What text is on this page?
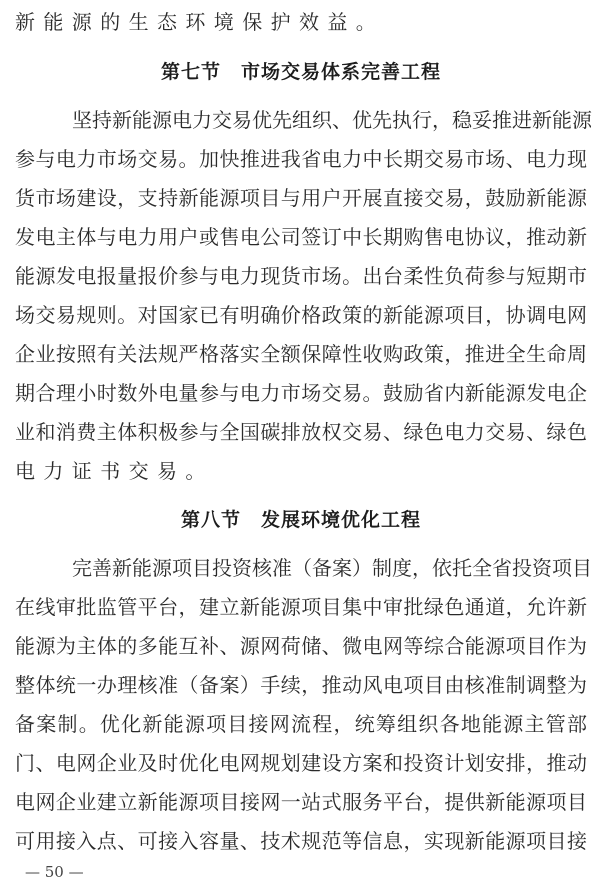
新能源的生态环境保护效益。
第七节　市场交易体系完善工程
坚持新能源电力交易优先组织、优先执行，稳妥推进新能源
参与电力市场交易。加快推进我省电力中长期交易市场、电力现
货市场建设，支持新能源项目与用户开展直接交易，鼓励新能源
发电主体与电力用户或售电公司签订中长期购售电协议，推动新
能源发电报量报价参与电力现货市场。出台柔性负荷参与短期市
场交易规则。对国家已有明确价格政策的新能源项目，协调电网
企业按照有关法规严格落实全额保障性收购政策，推进全生命周
期合理小时数外电量参与电力市场交易。鼓励省内新能源发电企
业和消费主体积极参与全国碳排放权交易、绿色电力交易、绿色
电力证书交易。
第八节　发展环境优化工程
完善新能源项目投资核准（备案）制度，依托全省投资项目
在线审批监管平台，建立新能源项目集中审批绿色通道，允许新
能源为主体的多能互补、源网荷储、微电网等综合能源项目作为
整体统一办理核准（备案）手续，推动风电项目由核准制调整为
备案制。优化新能源项目接网流程，统筹组织各地能源主管部
门、电网企业及时优化电网规划建设方案和投资计划安排，推动
电网企业建立新能源项目接网一站式服务平台，提供新能源项目
可用接入点、可接入容量、技术规范等信息，实现新能源项目接
— 50 —
